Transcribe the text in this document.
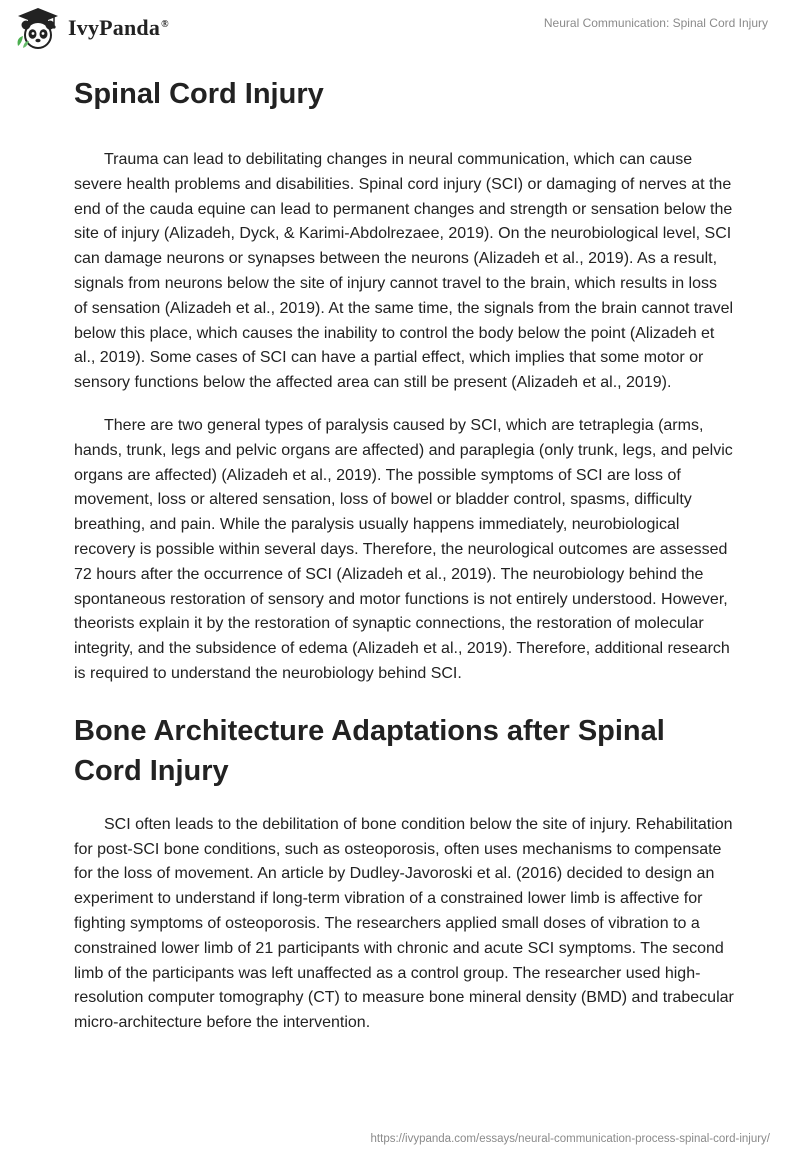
IvyPanda®	Neural Communication: Spinal Cord Injury
Spinal Cord Injury

Trauma can lead to debilitating changes in neural communication, which can cause severe health problems and disabilities. Spinal cord injury (SCI) or damaging of nerves at the end of the cauda equine can lead to permanent changes and strength or sensation below the site of injury (Alizadeh, Dyck, & Karimi-Abdolrezaee, 2019). On the neurobiological level, SCI can damage neurons or synapses between the neurons (Alizadeh et al., 2019). As a result, signals from neurons below the site of injury cannot travel to the brain, which results in loss of sensation (Alizadeh et al., 2019). At the same time, the signals from the brain cannot travel below this place, which causes the inability to control the body below the point (Alizadeh et al., 2019). Some cases of SCI can have a partial effect, which implies that some motor or sensory functions below the affected area can still be present (Alizadeh et al., 2019).

There are two general types of paralysis caused by SCI, which are tetraplegia (arms, hands, trunk, legs and pelvic organs are affected) and paraplegia (only trunk, legs, and pelvic organs are affected) (Alizadeh et al., 2019). The possible symptoms of SCI are loss of movement, loss or altered sensation, loss of bowel or bladder control, spasms, difficulty breathing, and pain. While the paralysis usually happens immediately, neurobiological recovery is possible within several days. Therefore, the neurological outcomes are assessed 72 hours after the occurrence of SCI (Alizadeh et al., 2019). The neurobiology behind the spontaneous restoration of sensory and motor functions is not entirely understood. However, theorists explain it by the restoration of synaptic connections, the restoration of molecular integrity, and the subsidence of edema (Alizadeh et al., 2019). Therefore, additional research is required to understand the neurobiology behind SCI.

Bone Architecture Adaptations after Spinal Cord Injury

SCI often leads to the debilitation of bone condition below the site of injury. Rehabilitation for post-SCI bone conditions, such as osteoporosis, often uses mechanisms to compensate for the loss of movement. An article by Dudley-Javoroski et al. (2016) decided to design an experiment to understand if long-term vibration of a constrained lower limb is affective for fighting symptoms of osteoporosis. The researchers applied small doses of vibration to a constrained lower limb of 21 participants with chronic and acute SCI symptoms. The second limb of the participants was left unaffected as a control group. The researcher used high-resolution computer tomography (CT) to measure bone mineral density (BMD) and trabecular micro-architecture before the intervention.

https://ivypanda.com/essays/neural-communication-process-spinal-cord-injury/
